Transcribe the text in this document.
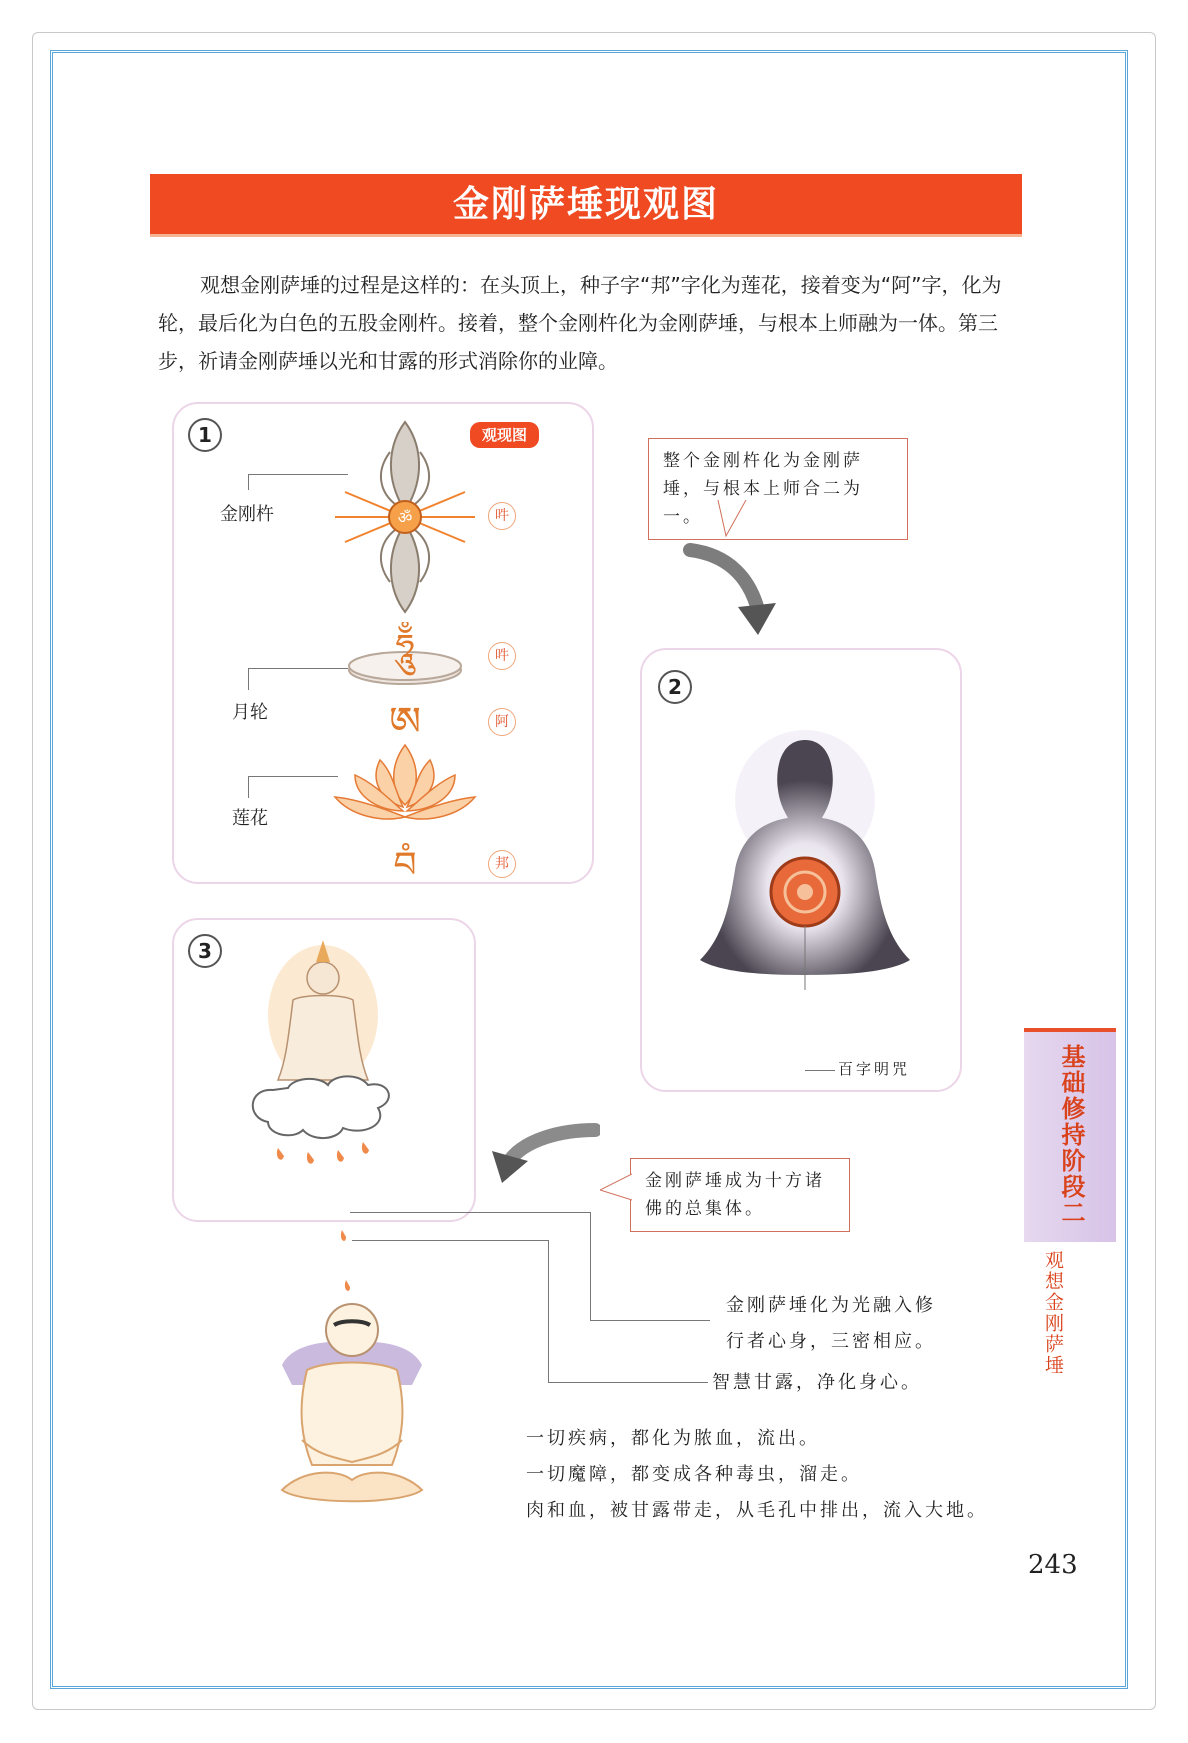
金刚萨埵现观图
观想金刚萨埵的过程是这样的：在头顶上，种子字“邦”字化为莲花，接着变为“阿”字，化为轮，最后化为白色的五股金刚杵。接着，整个金刚杵化为金刚萨埵，与根本上师融为一体。第三步，祈请金刚萨埵以光和甘露的形式消除你的业障。
1	观现图
ॐ
ཧཱུྃ
ཨ
བཾ
吽
吽
阿
邦
金刚杵
月轮
莲花
整个金刚杵化为金刚萨埵，与根本上师合二为一。
2
百字明咒
3
金刚萨埵成为十方诸佛的总集体。
金刚萨埵化为光融入修行者心身，三密相应。
智慧甘露，净化身心。
一切疾病，都化为脓血，流出。
一切魔障，都变成各种毒虫，溜走。
肉和血，被甘露带走，从毛孔中排出，流入大地。
基础修持阶段二
观想金刚萨埵
243
